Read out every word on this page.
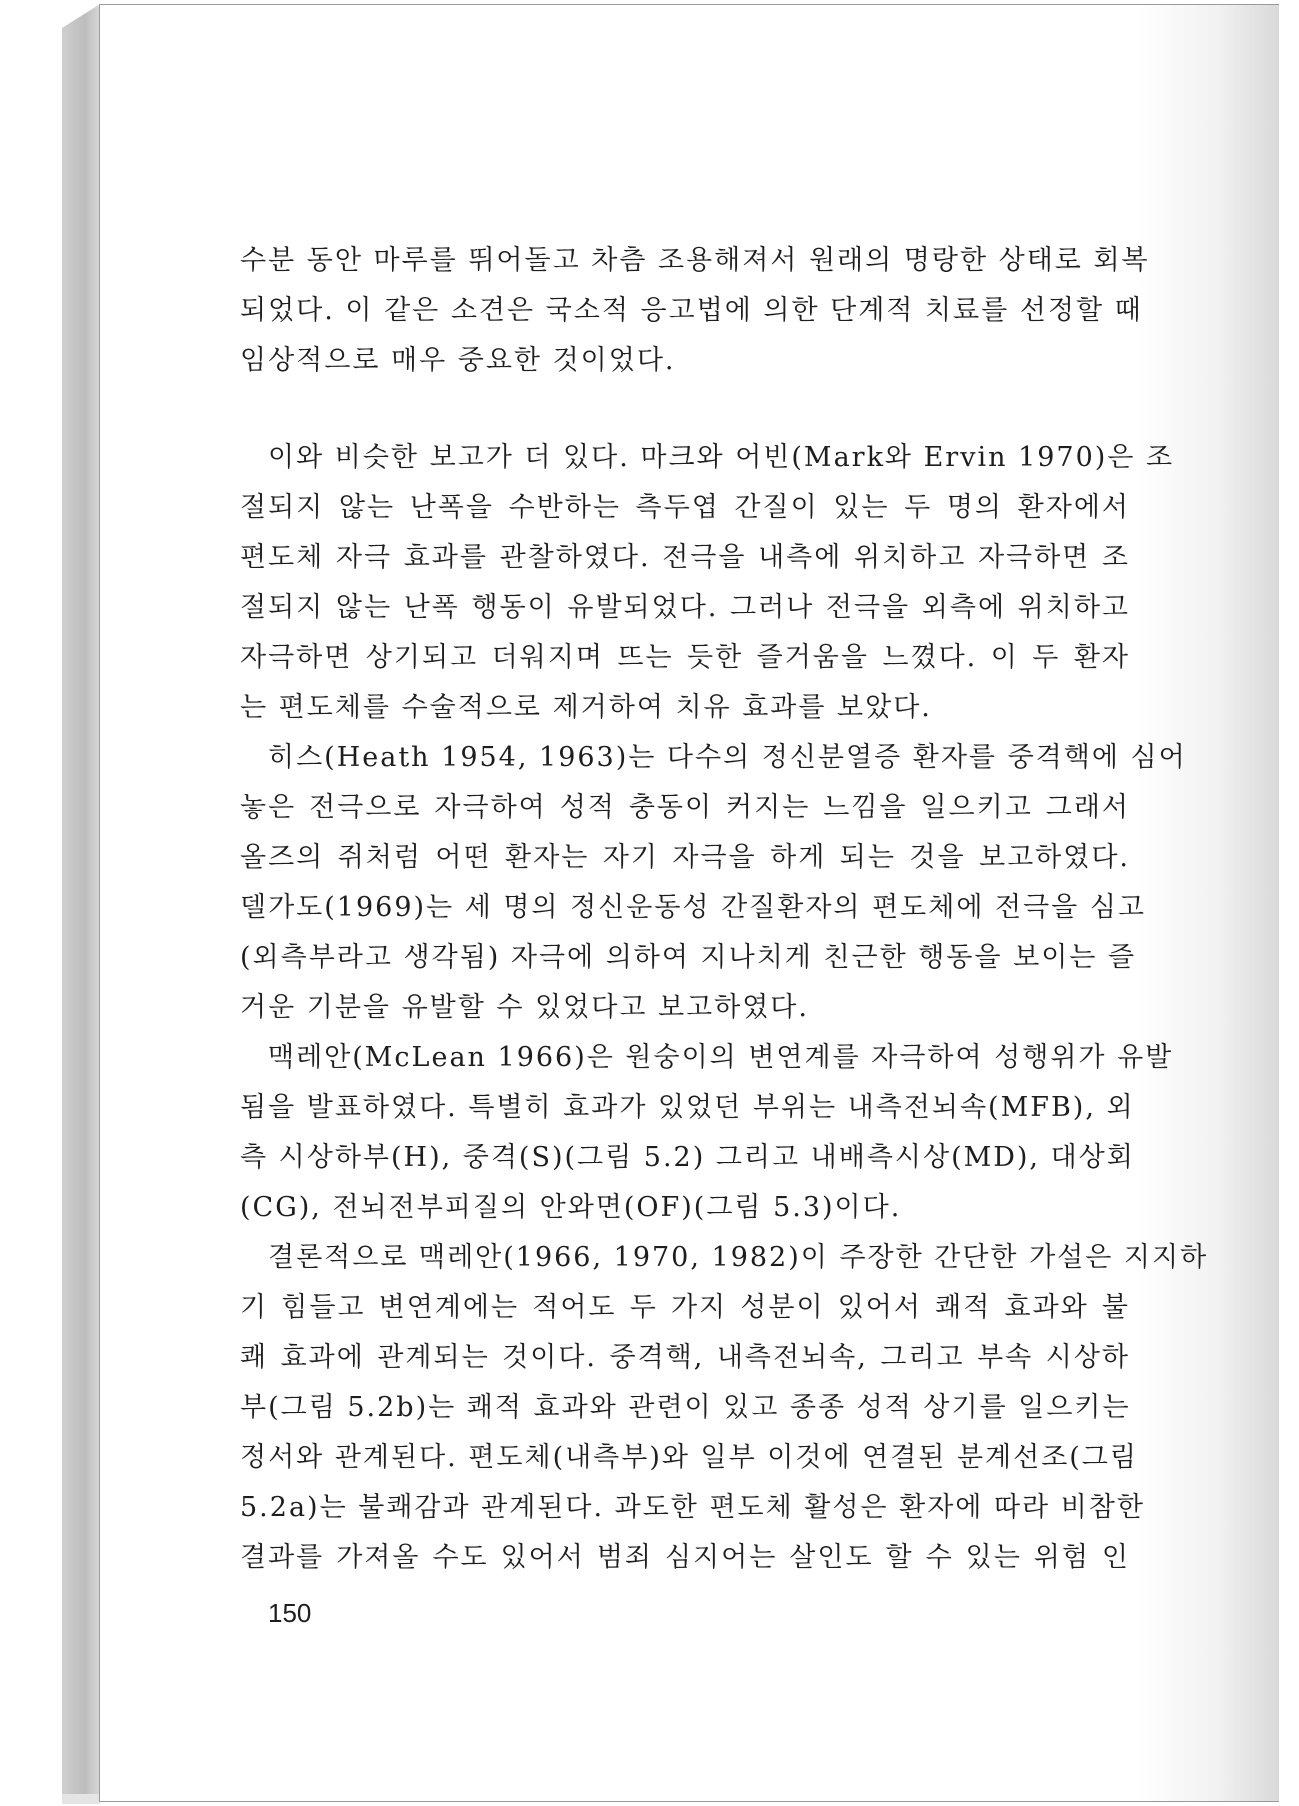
수분 동안 마루를 뛰어돌고 차츰 조용해져서 원래의 명랑한 상태로 회복
되었다. 이 같은 소견은 국소적 응고법에 의한 단계적 치료를 선정할 때
임상적으로 매우 중요한 것이었다.
이와 비슷한 보고가 더 있다. 마크와 어빈(Mark와 Ervin 1970)은 조
절되지 않는 난폭을 수반하는 측두엽 간질이 있는 두 명의 환자에서
편도체 자극 효과를 관찰하였다. 전극을 내측에 위치하고 자극하면 조
절되지 않는 난폭 행동이 유발되었다. 그러나 전극을 외측에 위치하고
자극하면 상기되고 더워지며 뜨는 듯한 즐거움을 느꼈다. 이 두 환자
는 편도체를 수술적으로 제거하여 치유 효과를 보았다.
히스(Heath 1954, 1963)는 다수의 정신분열증 환자를 중격핵에 심어
놓은 전극으로 자극하여 성적 충동이 커지는 느낌을 일으키고 그래서
올즈의 쥐처럼 어떤 환자는 자기 자극을 하게 되는 것을 보고하였다.
델가도(1969)는 세 명의 정신운동성 간질환자의 편도체에 전극을 심고
(외측부라고 생각됨) 자극에 의하여 지나치게 친근한 행동을 보이는 즐
거운 기분을 유발할 수 있었다고 보고하였다.
맥레안(McLean 1966)은 원숭이의 변연계를 자극하여 성행위가 유발
됨을 발표하였다. 특별히 효과가 있었던 부위는 내측전뇌속(MFB), 외
측 시상하부(H), 중격(S)(그림 5.2) 그리고 내배측시상(MD), 대상회
(CG), 전뇌전부피질의 안와면(OF)(그림 5.3)이다.
결론적으로 맥레안(1966, 1970, 1982)이 주장한 간단한 가설은 지지하
기 힘들고 변연계에는 적어도 두 가지 성분이 있어서 쾌적 효과와 불
쾌 효과에 관계되는 것이다. 중격핵, 내측전뇌속, 그리고 부속 시상하
부(그림 5.2b)는 쾌적 효과와 관련이 있고 종종 성적 상기를 일으키는
정서와 관계된다. 편도체(내측부)와 일부 이것에 연결된 분계선조(그림
5.2a)는 불쾌감과 관계된다. 과도한 편도체 활성은 환자에 따라 비참한
결과를 가져올 수도 있어서 범죄 심지어는 살인도 할 수 있는 위험 인
150
